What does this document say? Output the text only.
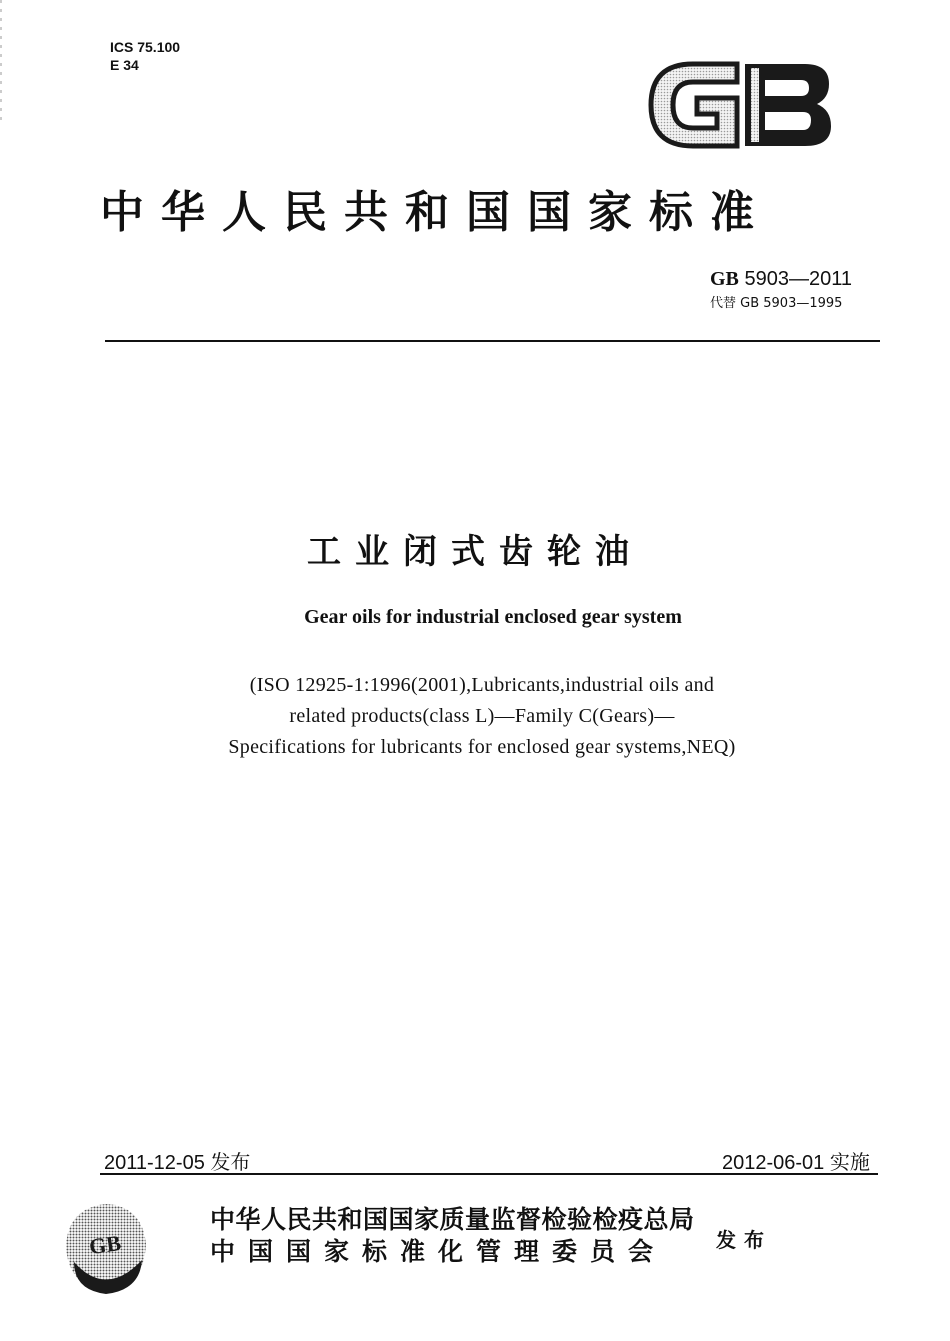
ICS 75.100
E 34
中华人民共和国国家标准
GB 5903—2011
代替 GB 5903—1995
工业闭式齿轮油
Gear oils for industrial enclosed gear system
(ISO 12925-1:1996(2001),Lubricants,industrial oils and
related products(class L)—Family C(Gears)—
Specifications for lubricants for enclosed gear systems,NEQ)
2011-12-05 发布	2012-06-01 实施
GB
中华人民共和国国家质量监督检验检疫总局
中国国家标准化管理委员会	发布
